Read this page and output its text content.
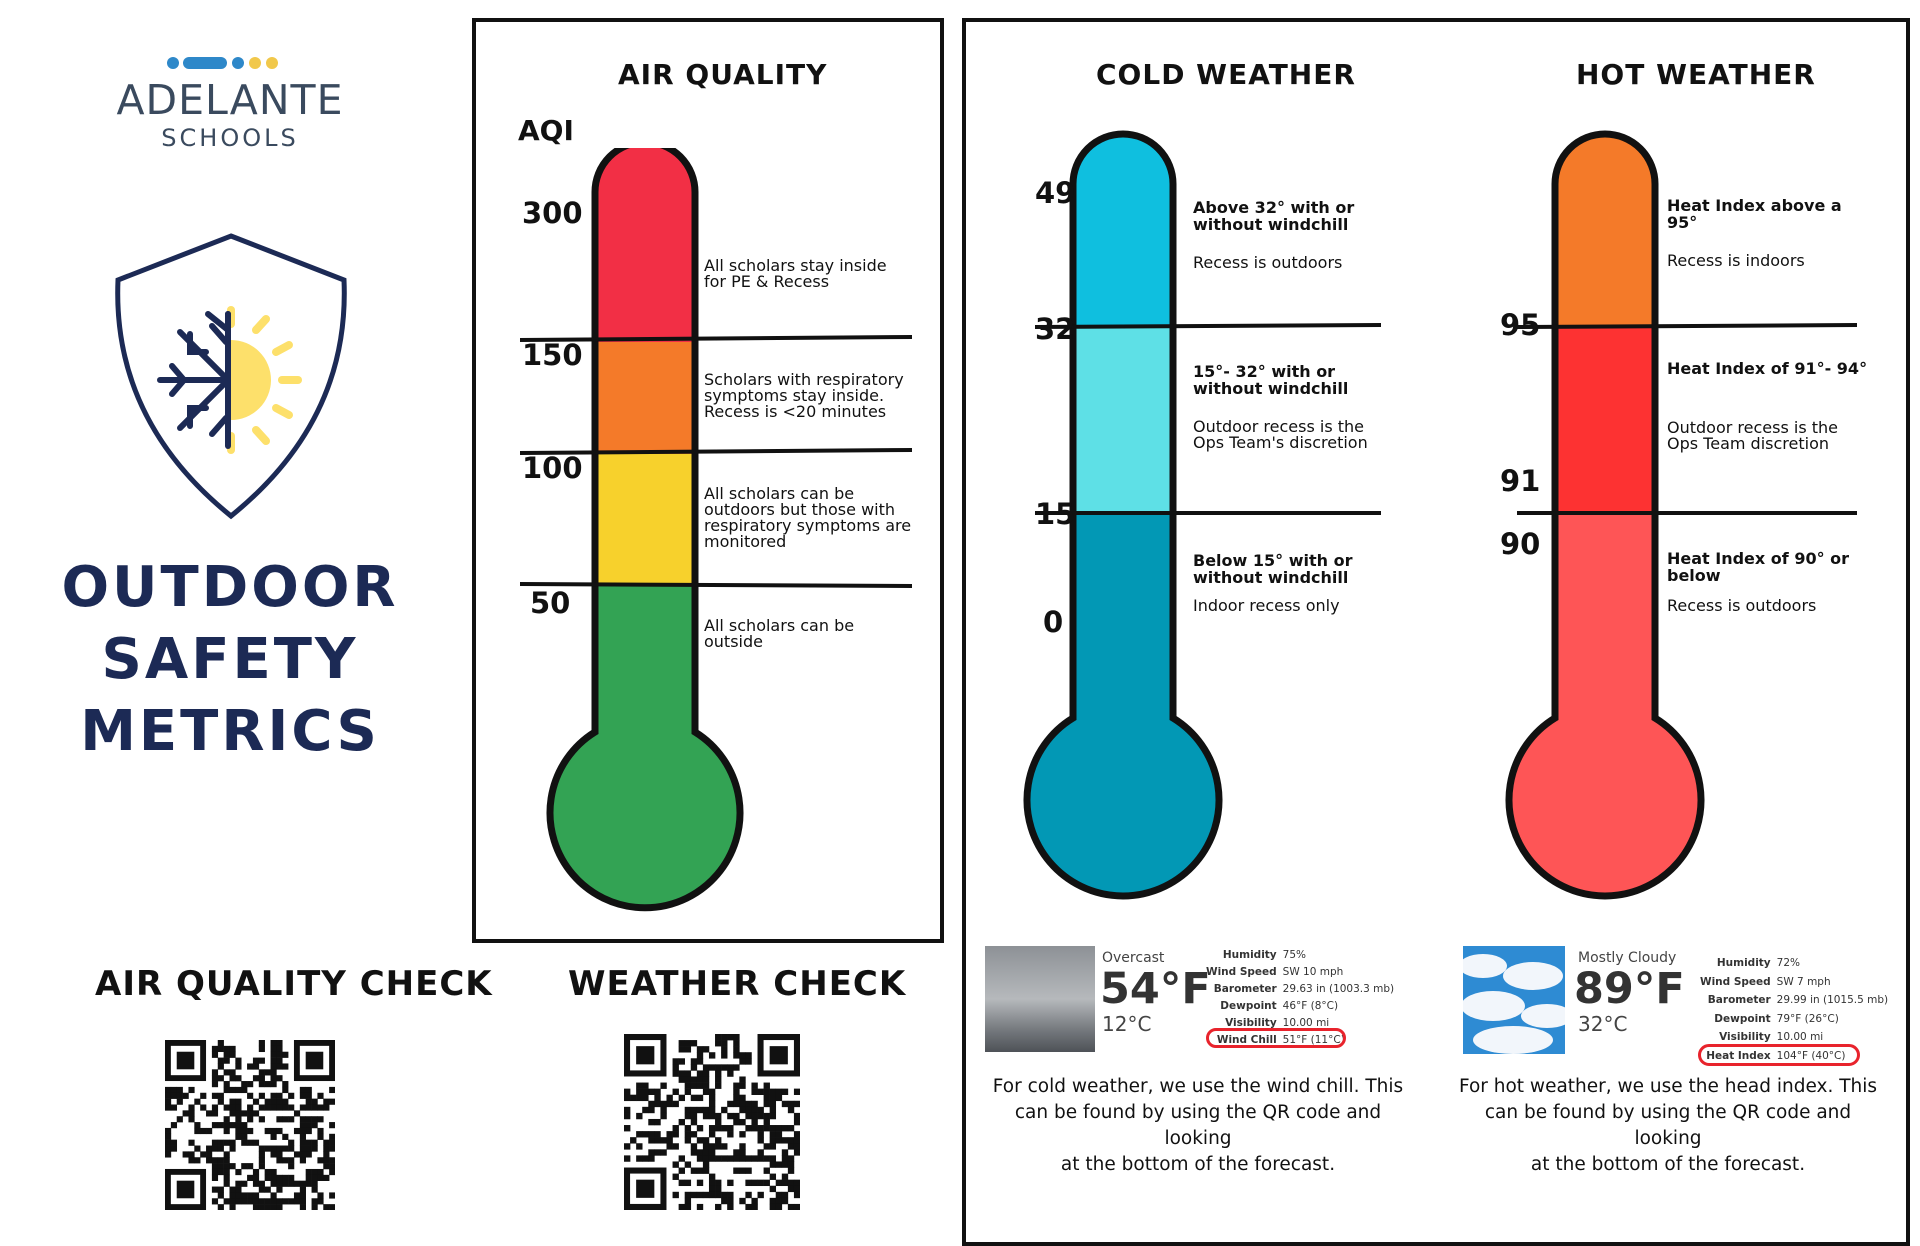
ADELANTE
SCHOOLS
OUTDOOR
SAFETY
METRICS
AIR QUALITY CHECK WEATHER CHECK
AIR QUALITY
AQI
300
150
100
50
All scholars stay inside
for PE & Recess
Scholars with respiratory
symptoms stay inside.
Recess is <20 minutes
All scholars can be
outdoors but those with
respiratory symptoms are
monitored
All scholars can be
outside
COLD WEATHER	HOT WEATHER
49
32
15
0
Above 32° with or
without windchill
Recess is outdoors
15°- 32° with or
without windchill
Outdoor recess is the
Ops Team's discretion
Below 15° with or
without windchill
Indoor recess only
95
91
90
Heat Index above a
95°
Recess is indoors
Heat Index of 91°- 94°
Outdoor recess is the
Ops Team discretion
Heat Index of 90° or
below
Recess is outdoors
Overcast
54°F
12°C
Humidity	75%
Wind Speed	SW 10 mph
Barometer	29.63 in (1003.3 mb)
Dewpoint	46°F (8°C)
Visibility	10.00 mi
Wind Chill	51°F (11°C)
Mostly Cloudy
89°F
32°C
Humidity	72%
Wind Speed	SW 7 mph
Barometer	29.99 in (1015.5 mb)
Dewpoint	79°F (26°C)
Visibility	10.00 mi
Heat Index	104°F (40°C)
For cold weather, we use the wind chill. This
can be found by using the QR code and looking
at the bottom of the forecast.
For hot weather, we use the head index. This
can be found by using the QR code and looking
at the bottom of the forecast.
